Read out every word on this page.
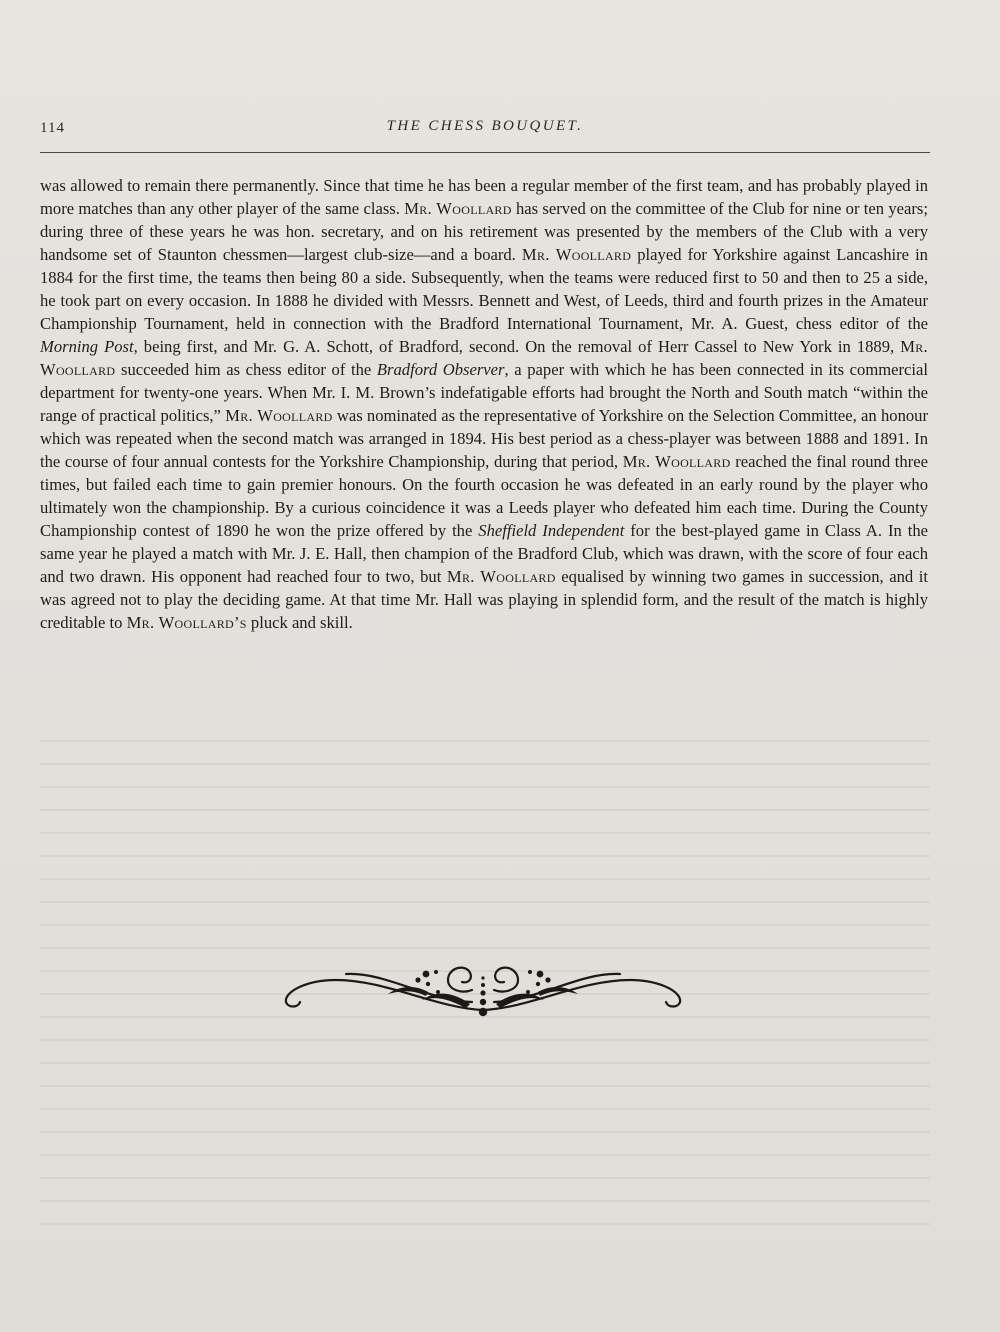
114	THE CHESS BOUQUET.

was allowed to remain there permanently. Since that time he has been a regular member of the first team, and has probably played in more matches than any other player of the same class. Mr. Woollard has served on the committee of the Club for nine or ten years; during three of these years he was hon. secretary, and on his retirement was presented by the members of the Club with a very handsome set of Staunton chessmen—largest club-size—and a board. Mr. Woollard played for Yorkshire against Lancashire in 1884 for the first time, the teams then being 80 a side. Subsequently, when the teams were reduced first to 50 and then to 25 a side, he took part on every occasion. In 1888 he divided with Messrs. Bennett and West, of Leeds, third and fourth prizes in the Amateur Championship Tournament, held in connection with the Bradford International Tournament, Mr. A. Guest, chess editor of the Morning Post, being first, and Mr. G. A. Schott, of Bradford, second. On the removal of Herr Cassel to New York in 1889, Mr. Woollard succeeded him as chess editor of the Bradford Observer, a paper with which he has been connected in its commercial department for twenty-one years. When Mr. I. M. Brown’s indefatigable efforts had brought the North and South match “within the range of practical politics,” Mr. Woollard was nominated as the representative of Yorkshire on the Selection Committee, an honour which was repeated when the second match was arranged in 1894. His best period as a chess-player was between 1888 and 1891. In the course of four annual contests for the Yorkshire Championship, during that period, Mr. Woollard reached the final round three times, but failed each time to gain premier honours. On the fourth occasion he was defeated in an early round by the player who ultimately won the championship. By a curious coincidence it was a Leeds player who defeated him each time. During the County Championship contest of 1890 he won the prize offered by the Sheffield Independent for the best-played game in Class A. In the same year he played a match with Mr. J. E. Hall, then champion of the Bradford Club, which was drawn, with the score of four each and two drawn. His opponent had reached four to two, but Mr. Woollard equalised by winning two games in succession, and it was agreed not to play the deciding game. At that time Mr. Hall was playing in splendid form, and the result of the match is highly creditable to Mr. Woollard’s pluck and skill.
